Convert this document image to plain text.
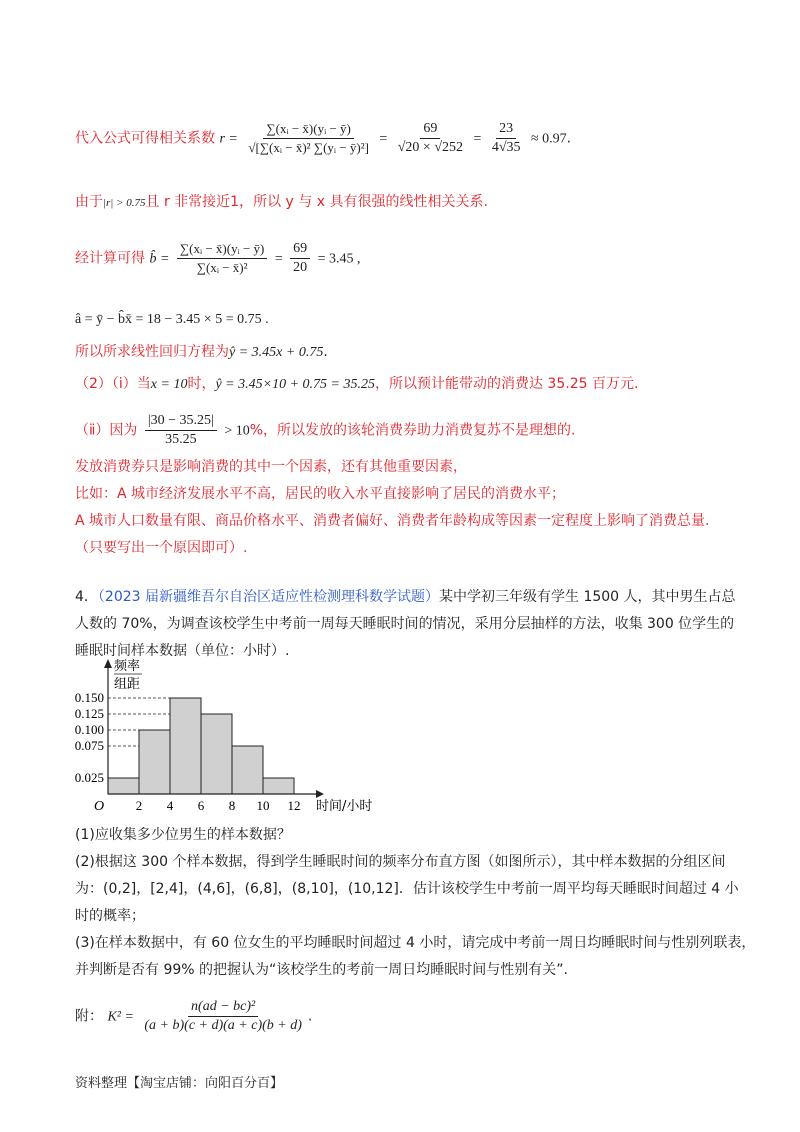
代入公式可得相关系数 $r = \frac{\text{∑(xᵢ − x̄)(yᵢ − ȳ)}}{\text{√[∑(xᵢ − x̄)² ∑(yᵢ − ȳ)²]}} = \frac{69}{√20 \times √252} = \frac{23}{4√35} \approx 0.97$.
由于|r| > 0.75且 r 非常接近1，所以 y 与 x 具有很强的线性相关关系.
经计算可得 b̂ = $\frac{\text{∑(xᵢ − x̄)(yᵢ − ȳ)}}{\text{∑(xᵢ − x̄)²}} = \frac{69}{20} = 3.45$ ,
â = ȳ − b̂x̄ = 18 − 3.45 × 5 = 0.75 .
所以所求线性回归方程为ŷ = 3.45x + 0.75.
（2）（ⅰ）当x = 10时，ŷ = 3.45×10 + 0.75 = 35.25，所以预计能带动的消费达 35.25 百万元.
（ⅱ）因为 $\frac{|30 - 35.25|}{35.25} > 10\%$，所以发放的该轮消费券助力消费复苏不是理想的.
发放消费券只是影响消费的其中一个因素，还有其他重要因素，
比如：A 城市经济发展水平不高，居民的收入水平直接影响了居民的消费水平；
A 城市人口数量有限、商品价格水平、消费者偏好、消费者年龄构成等因素一定程度上影响了消费总量.
（只要写出一个原因即可）.
4．（2023 届新疆维吾尔自治区适应性检测理科数学试题）某中学初三年级有学生 1500 人，其中男生占总
人数的 70%，为调查该校学生中考前一周每天睡眠时间的情况，采用分层抽样的方法，收集 300 位学生的
睡眠时间样本数据（单位：小时）.
频率
组距
0.025
0.075
0.100
0.125
0.150
2 4 6 8 10 12
O	时间/小时
(1)应收集多少位男生的样本数据？
(2)根据这 300 个样本数据，得到学生睡眠时间的频率分布直方图（如图所示），其中样本数据的分组区间
为：(0,2]，[2,4]，(4,6]，(6,8]，(8,10]，(10,12]．估计该校学生中考前一周平均每天睡眠时间超过 4 小
时的概率；
(3)在样本数据中，有 60 位女生的平均睡眠时间超过 4 小时，请完成中考前一周日均睡眠时间与性别列联表，
并判断是否有 99% 的把握认为“该校学生的考前一周日均睡眠时间与性别有关”.
附： $K^2 = \frac{\text{n(ad − bc)²}}{(a + b)(c + d)(a + c)(b + d)}$ .
资料整理【淘宝店铺：向阳百分百】
